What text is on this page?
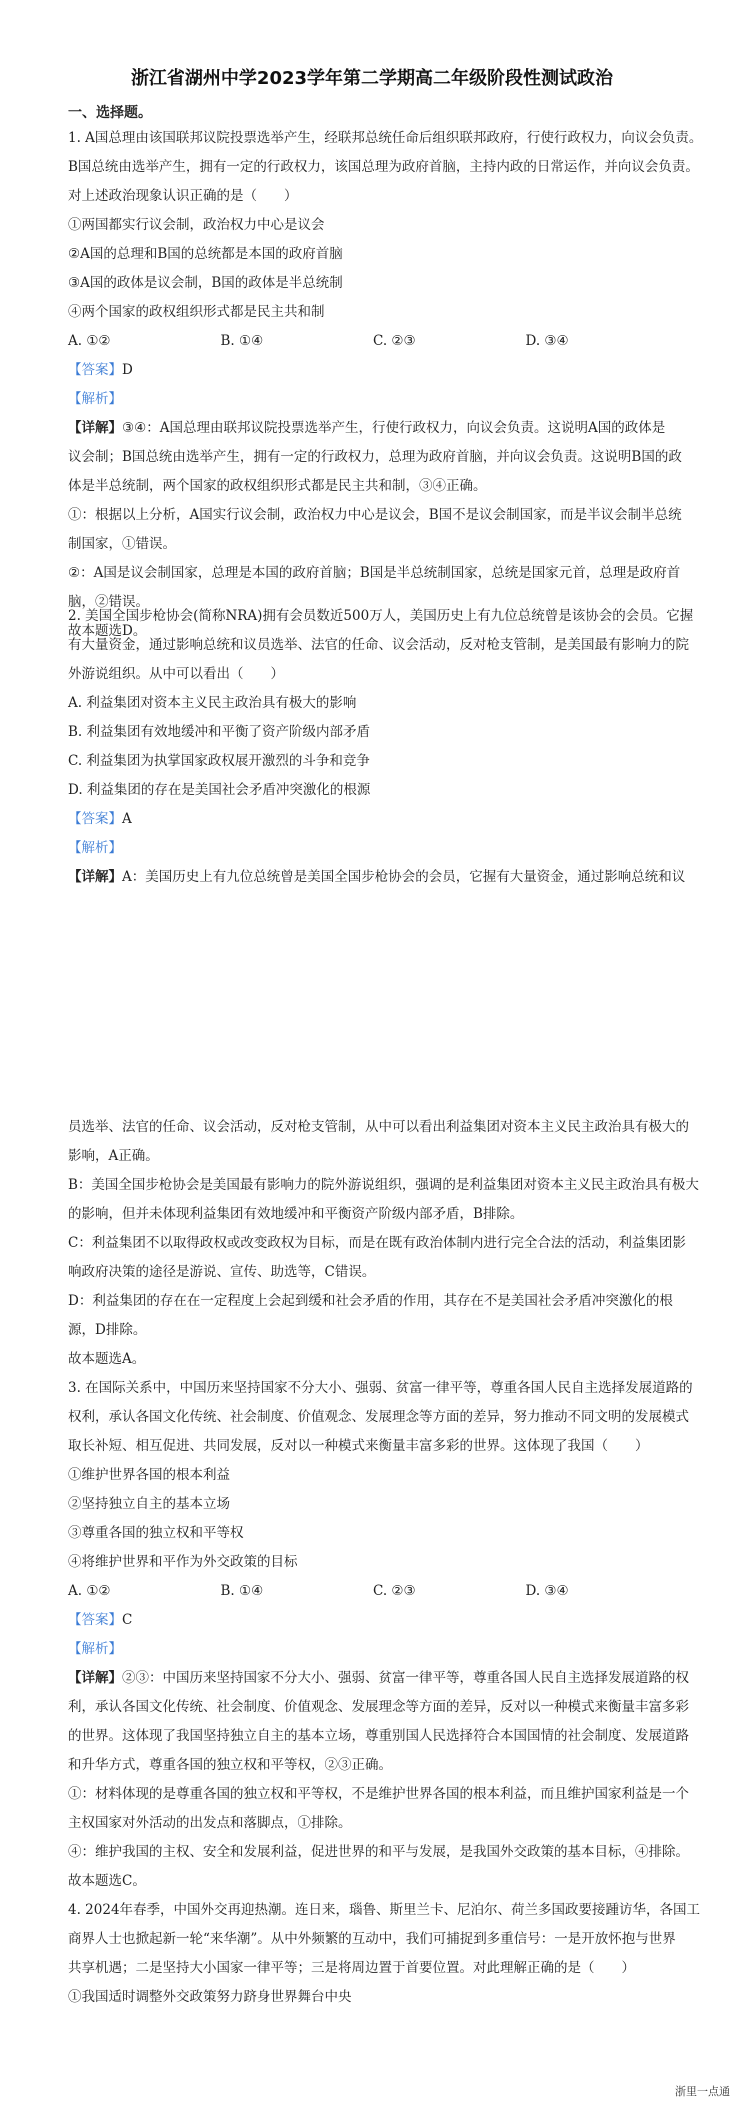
浙江省湖州中学2023学年第二学期高二年级阶段性测试政治
一、选择题。

1. A国总理由该国联邦议院投票选举产生，经联邦总统任命后组织联邦政府，行使行政权力，向议会负责。

B国总统由选举产生，拥有一定的行政权力，该国总理为政府首脑，主持内政的日常运作，并向议会负责。

对上述政治现象认识正确的是（　　）

①两国都实行议会制，政治权力中心是议会

②A国的总理和B国的总统都是本国的政府首脑

③A国的政体是议会制，B国的政体是半总统制

④两个国家的政权组织形式都是民主共和制

A. ①②	B. ①④	C. ②③	D. ③④

【答案】D

【解析】

【详解】③④：A国总理由联邦议院投票选举产生，行使行政权力，向议会负责。这说明A国的政体是

议会制；B国总统由选举产生，拥有一定的行政权力，总理为政府首脑，并向议会负责。这说明B国的政

体是半总统制，两个国家的政权组织形式都是民主共和制，③④正确。

①：根据以上分析，A国实行议会制，政治权力中心是议会，B国不是议会制国家，而是半议会制半总统

制国家，①错误。

②：A国是议会制国家，总理是本国的政府首脑；B国是半总统制国家，总统是国家元首，总理是政府首

脑，②错误。

故本题选D。

2. 美国全国步枪协会(简称NRA)拥有会员数近500万人，美国历史上有九位总统曾是该协会的会员。它握

有大量资金，通过影响总统和议员选举、法官的任命、议会活动，反对枪支管制，是美国最有影响力的院

外游说组织。从中可以看出（　　）

A. 利益集团对资本主义民主政治具有极大的影响

B. 利益集团有效地缓冲和平衡了资产阶级内部矛盾

C. 利益集团为执掌国家政权展开激烈的斗争和竞争

D. 利益集团的存在是美国社会矛盾冲突激化的根源

【答案】A

【解析】

【详解】A：美国历史上有九位总统曾是美国全国步枪协会的会员，它握有大量资金，通过影响总统和议

员选举、法官的任命、议会活动，反对枪支管制，从中可以看出利益集团对资本主义民主政治具有极大的

影响，A正确。

B：美国全国步枪协会是美国最有影响力的院外游说组织，强调的是利益集团对资本主义民主政治具有极大

的影响，但并未体现利益集团有效地缓冲和平衡资产阶级内部矛盾，B排除。

C：利益集团不以取得政权或改变政权为目标，而是在既有政治体制内进行完全合法的活动，利益集团影

响政府决策的途径是游说、宣传、助选等，C错误。

D：利益集团的存在在一定程度上会起到缓和社会矛盾的作用，其存在不是美国社会矛盾冲突激化的根

源，D排除。

故本题选A。

3. 在国际关系中，中国历来坚持国家不分大小、强弱、贫富一律平等，尊重各国人民自主选择发展道路的

权利，承认各国文化传统、社会制度、价值观念、发展理念等方面的差异，努力推动不同文明的发展模式

取长补短、相互促进、共同发展，反对以一种模式来衡量丰富多彩的世界。这体现了我国（　　）

①维护世界各国的根本利益

②坚持独立自主的基本立场

③尊重各国的独立权和平等权

④将维护世界和平作为外交政策的目标

A. ①②	B. ①④	C. ②③	D. ③④

【答案】C

【解析】

【详解】②③：中国历来坚持国家不分大小、强弱、贫富一律平等，尊重各国人民自主选择发展道路的权

利，承认各国文化传统、社会制度、价值观念、发展理念等方面的差异，反对以一种模式来衡量丰富多彩

的世界。这体现了我国坚持独立自主的基本立场，尊重别国人民选择符合本国国情的社会制度、发展道路

和升华方式，尊重各国的独立权和平等权，②③正确。

①：材料体现的是尊重各国的独立权和平等权，不是维护世界各国的根本利益，而且维护国家利益是一个

主权国家对外活动的出发点和落脚点，①排除。

④：维护我国的主权、安全和发展利益，促进世界的和平与发展，是我国外交政策的基本目标，④排除。

故本题选C。

4. 2024年春季，中国外交再迎热潮。连日来，瑙鲁、斯里兰卡、尼泊尔、荷兰多国政要接踵访华，各国工

商界人士也掀起新一轮“来华潮”。从中外频繁的互动中，我们可捕捉到多重信号：一是开放怀抱与世界

共享机遇；二是坚持大小国家一律平等；三是将周边置于首要位置。对此理解正确的是（　　）

①我国适时调整外交政策努力跻身世界舞台中央

浙里一点通
